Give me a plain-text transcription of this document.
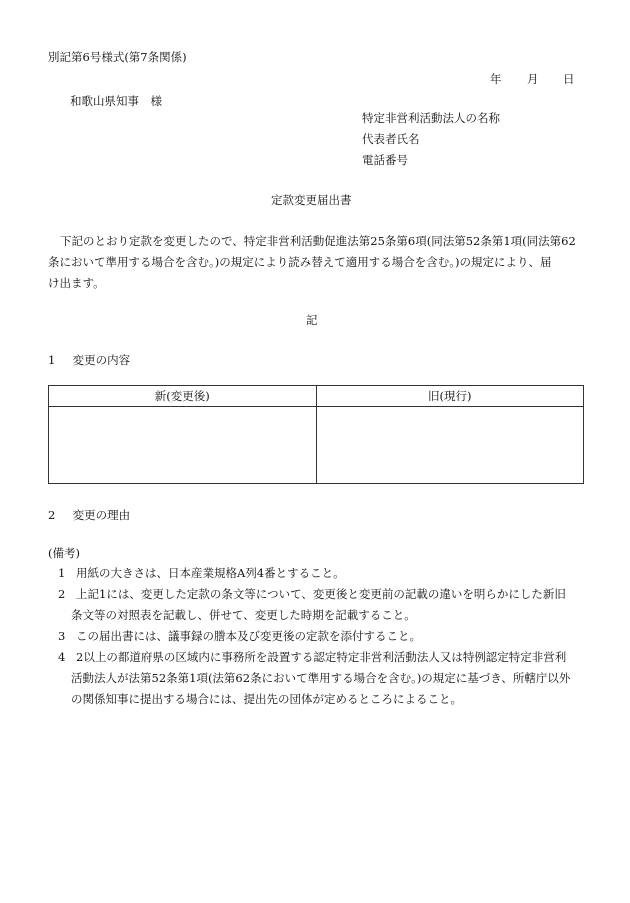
別記第6号様式(第7条関係)
年 月 日
和歌山県知事　様
特定非営利活動法人の名称
代表者氏名
電話番号
定款変更届出書
下記のとおり定款を変更したので、特定非営利活動促進法第25条第6項(同法第52条第1項(同法第62
条において準用する場合を含む。)の規定により読み替えて適用する場合を含む。)の規定により、届
け出ます。
記
1 変更の内容
新(変更後)	旧(現行)

2 変更の理由
(備考)
1 用紙の大きさは、日本産業規格A列4番とすること。
2 上記1には、変更した定款の条文等について、変更後と変更前の記載の違いを明らかにした新旧
条文等の対照表を記載し、併せて、変更した時期を記載すること。
3 この届出書には、議事録の謄本及び変更後の定款を添付すること。
4 2以上の都道府県の区域内に事務所を設置する認定特定非営利活動法人又は特例認定特定非営利
活動法人が法第52条第1項(法第62条において準用する場合を含む。)の規定に基づき、所轄庁以外
の関係知事に提出する場合には、提出先の団体が定めるところによること。
